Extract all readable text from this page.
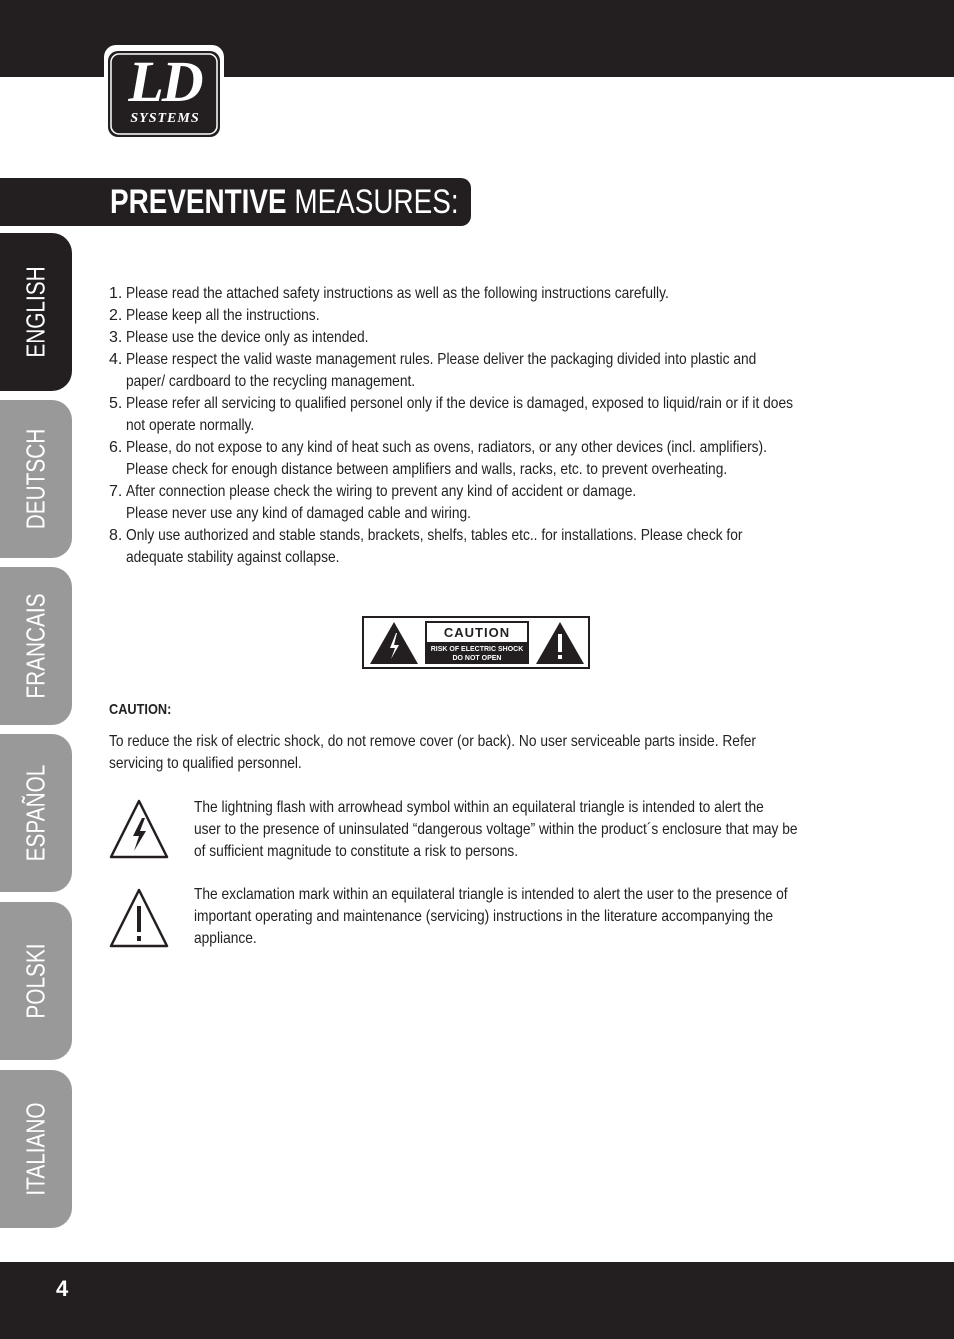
LD
SYSTEMS
PREVENTIVE MEASURES:
ENGLISH
DEUTSCH
FRANCAIS
ESPAÑOL
POLSKI
ITALIANO
1. Please read the attached safety instructions as well as the following instructions carefully.
2. Please keep all the instructions.
3. Please use the device only as intended.
4. Please respect the valid waste management rules. Please deliver the packaging divided into plastic and
paper/ cardboard to the recycling management.
5. Please refer all servicing to qualified personel only if the device is damaged, exposed to liquid/rain or if it does
not operate normally.
6. Please, do not expose to any kind of heat such as ovens, radiators, or any other devices (incl. amplifiers).
Please check for enough distance between amplifiers and walls, racks, etc. to prevent overheating.
7. After connection please check the wiring to prevent any kind of accident or damage.
Please never use any kind of damaged cable and wiring.
8. Only use authorized and stable stands, brackets, shelfs, tables etc.. for installations. Please check for
adequate stability against collapse.
CAUTION
RISK OF ELECTRIC SHOCK
DO NOT OPEN
CAUTION:
To reduce the risk of electric shock, do not remove cover (or back). No user serviceable parts inside. Refer
servicing to qualified personnel.
The lightning flash with arrowhead symbol within an equilateral triangle is intended to alert the
user to the presence of uninsulated “dangerous voltage” within the product´s enclosure that may be
of sufficient magnitude to constitute a risk to persons.
The exclamation mark within an equilateral triangle is intended to alert the user to the presence of
important operating and maintenance (servicing) instructions in the literature accompanying the
appliance.
4
